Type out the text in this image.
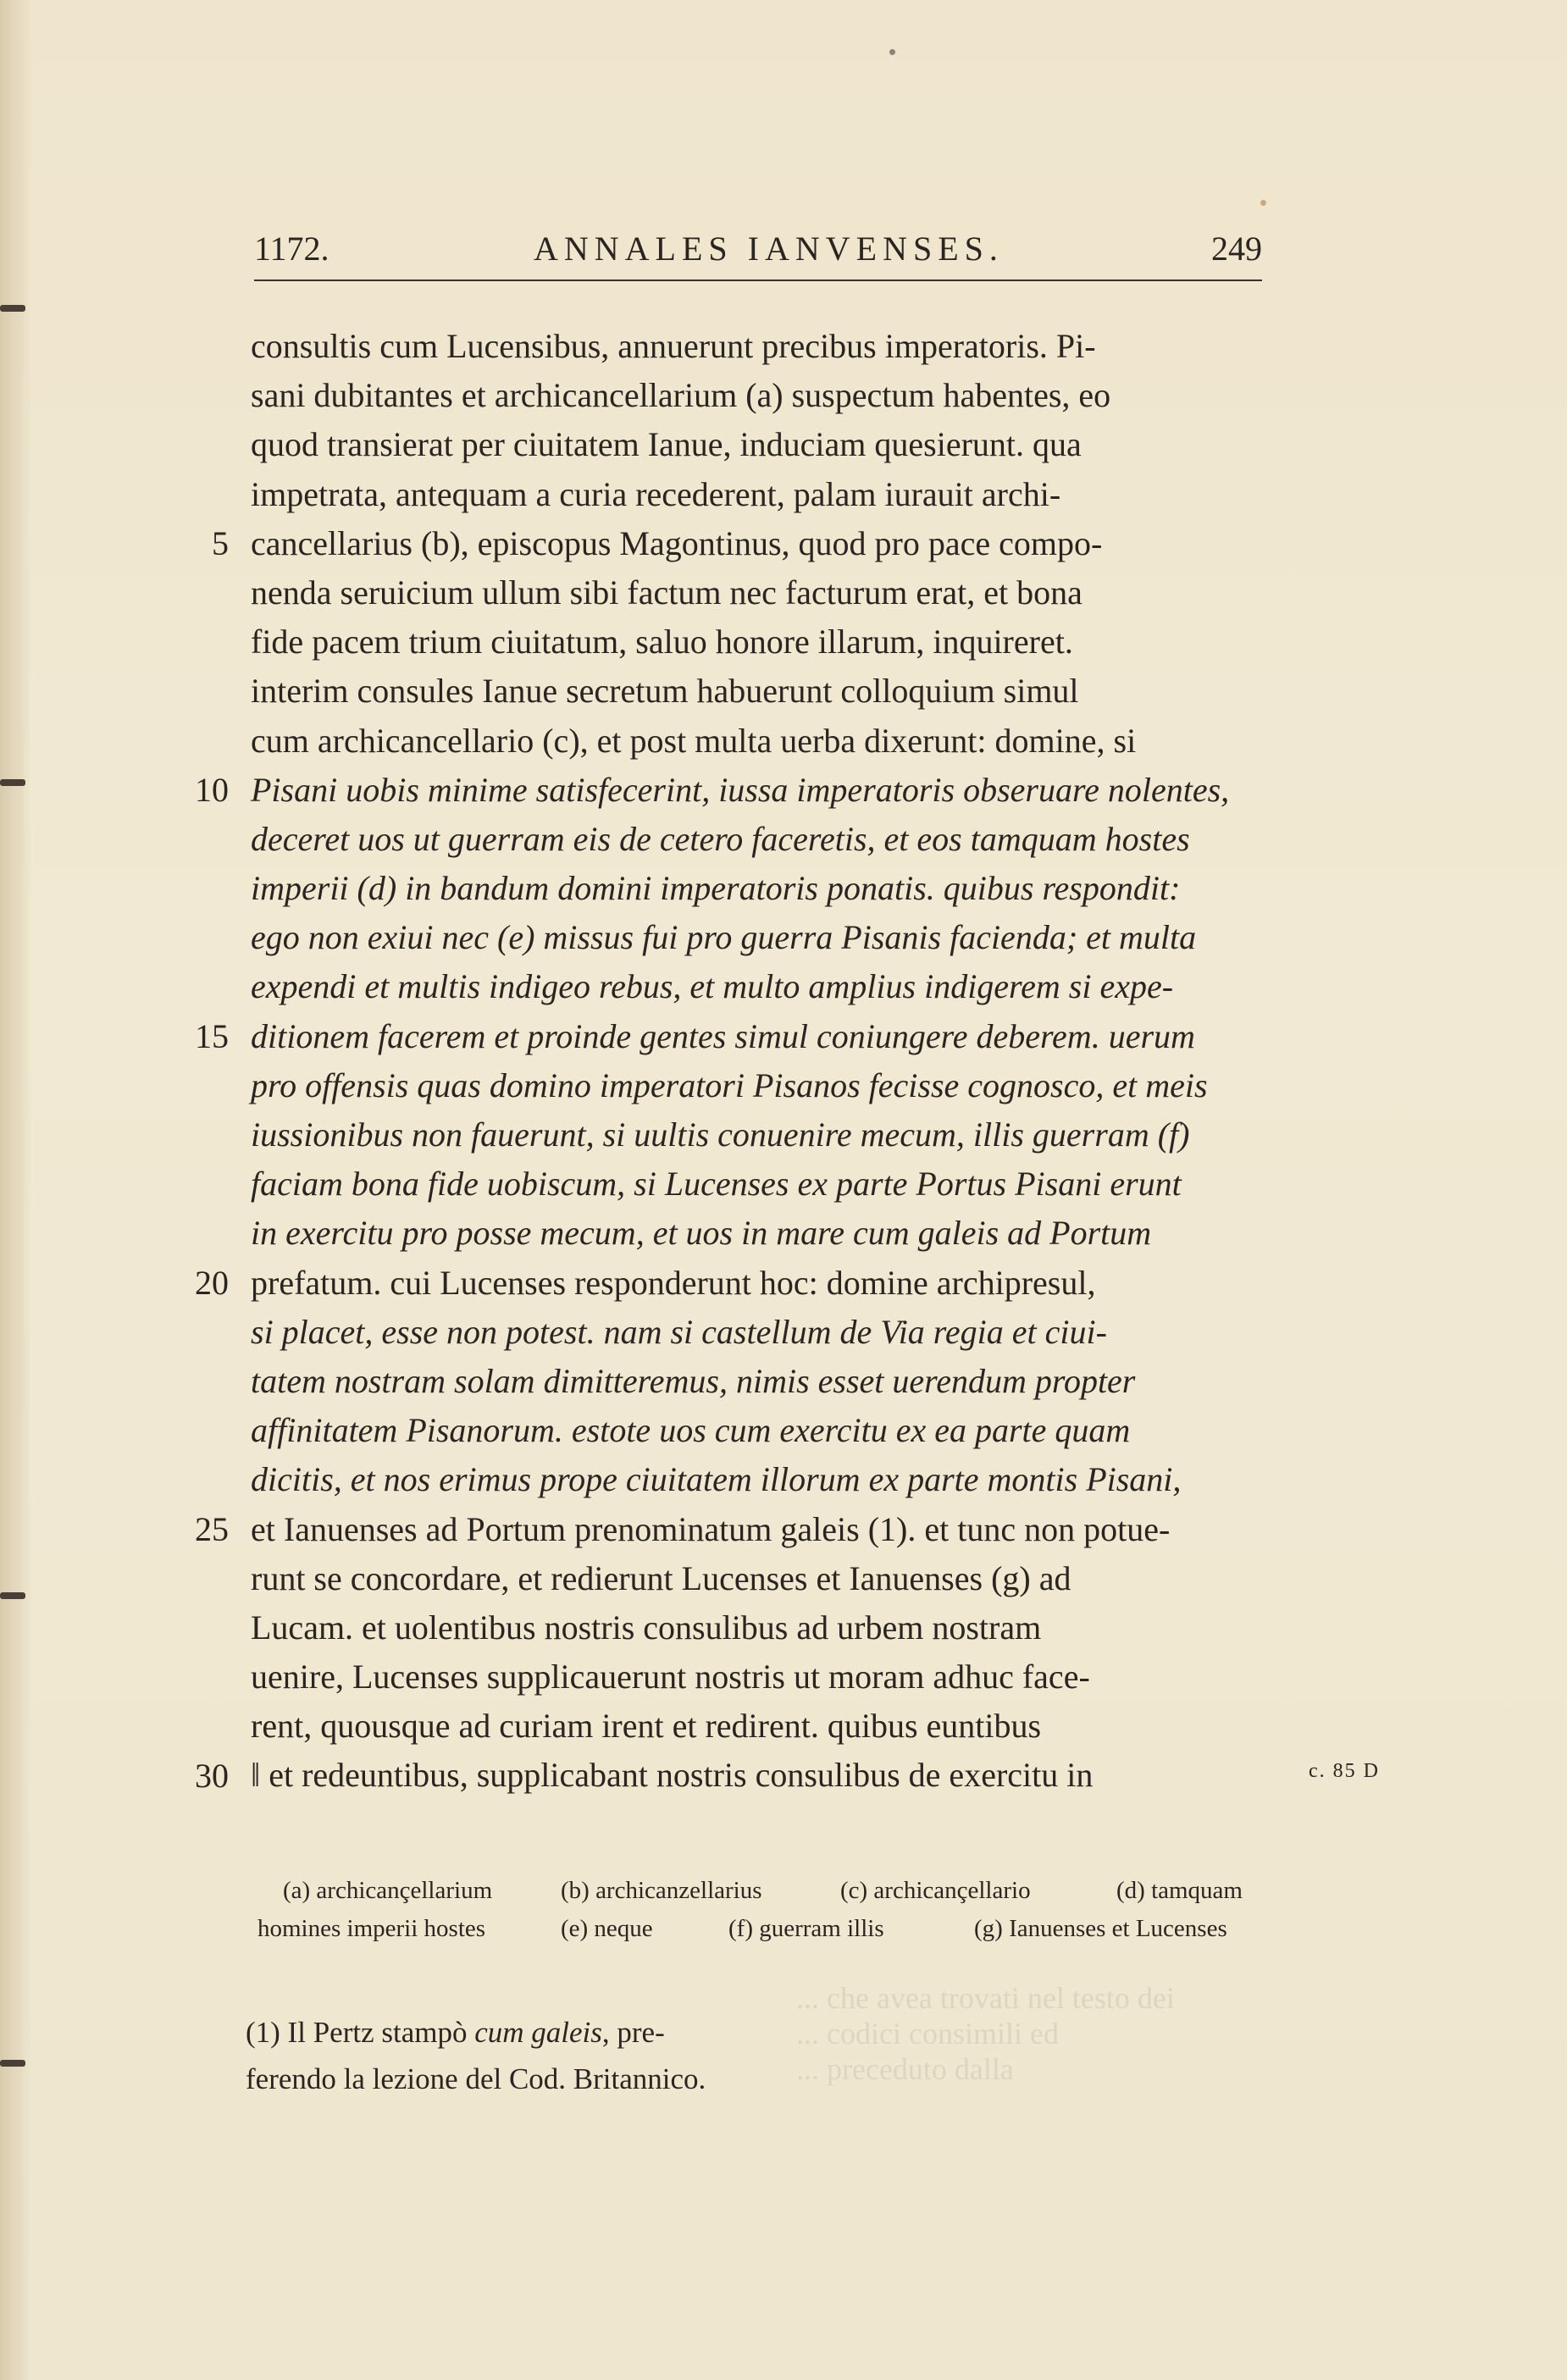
1172.	ANNALES IANVENSES.	249
5
10
15
20
25
30
consultis cum Lucensibus, annuerunt precibus imperatoris. Pi-
sani dubitantes et archicancellarium (a) suspectum habentes, eo
quod transierat per ciuitatem Ianue, induciam quesierunt. qua
impetrata, antequam a curia recederent, palam iurauit archi-
cancellarius (b), episcopus Magontinus, quod pro pace compo-
nenda seruicium ullum sibi factum nec facturum erat, et bona
fide pacem trium ciuitatum, saluo honore illarum, inquireret.
interim consules Ianue secretum habuerunt colloquium simul
cum archicancellario (c), et post multa uerba dixerunt: domine, si
Pisani uobis minime satisfecerint, iussa imperatoris obseruare nolentes,
deceret uos ut guerram eis de cetero faceretis, et eos tamquam hostes
imperii (d) in bandum domini imperatoris ponatis. quibus respondit:
ego non exiui nec (e) missus fui pro guerra Pisanis facienda; et multa
expendi et multis indigeo rebus, et multo amplius indigerem si expe-
ditionem facerem et proinde gentes simul coniungere deberem. uerum
pro offensis quas domino imperatori Pisanos fecisse cognosco, et meis
iussionibus non fauerunt, si uultis conuenire mecum, illis guerram (f)
faciam bona fide uobiscum, si Lucenses ex parte Portus Pisani erunt
in exercitu pro posse mecum, et uos in mare cum galeis ad Portum
prefatum. cui Lucenses responderunt hoc: domine archipresul,
si placet, esse non potest. nam si castellum de Via regia et ciui-
tatem nostram solam dimitteremus, nimis esset uerendum propter
affinitatem Pisanorum. estote uos cum exercitu ex ea parte quam
dicitis, et nos erimus prope ciuitatem illorum ex parte montis Pisani,
et Ianuenses ad Portum prenominatum galeis (1). et tunc non potue-
runt se concordare, et redierunt Lucenses et Ianuenses (g) ad
Lucam. et uolentibus nostris consulibus ad urbem nostram
uenire, Lucenses supplicauerunt nostris ut moram adhuc face-
rent, quousque ad curiam irent et redirent. quibus euntibus
‖ et redeuntibus, supplicabant nostris consulibus de exercitu in	c. 85 D
(a) archicançellarium	(b) archicanzellarius	(c) archicançellario	(d) tamquam
homines imperii hostes	(e) neque	(f) guerram illis	(g) Ianuenses et Lucenses
(1) Il Pertz stampò cum galeis, pre-
ferendo la lezione del Cod. Britannico.
... che avea trovati nel testo dei
... codici consimili ed
... preceduto dalla
